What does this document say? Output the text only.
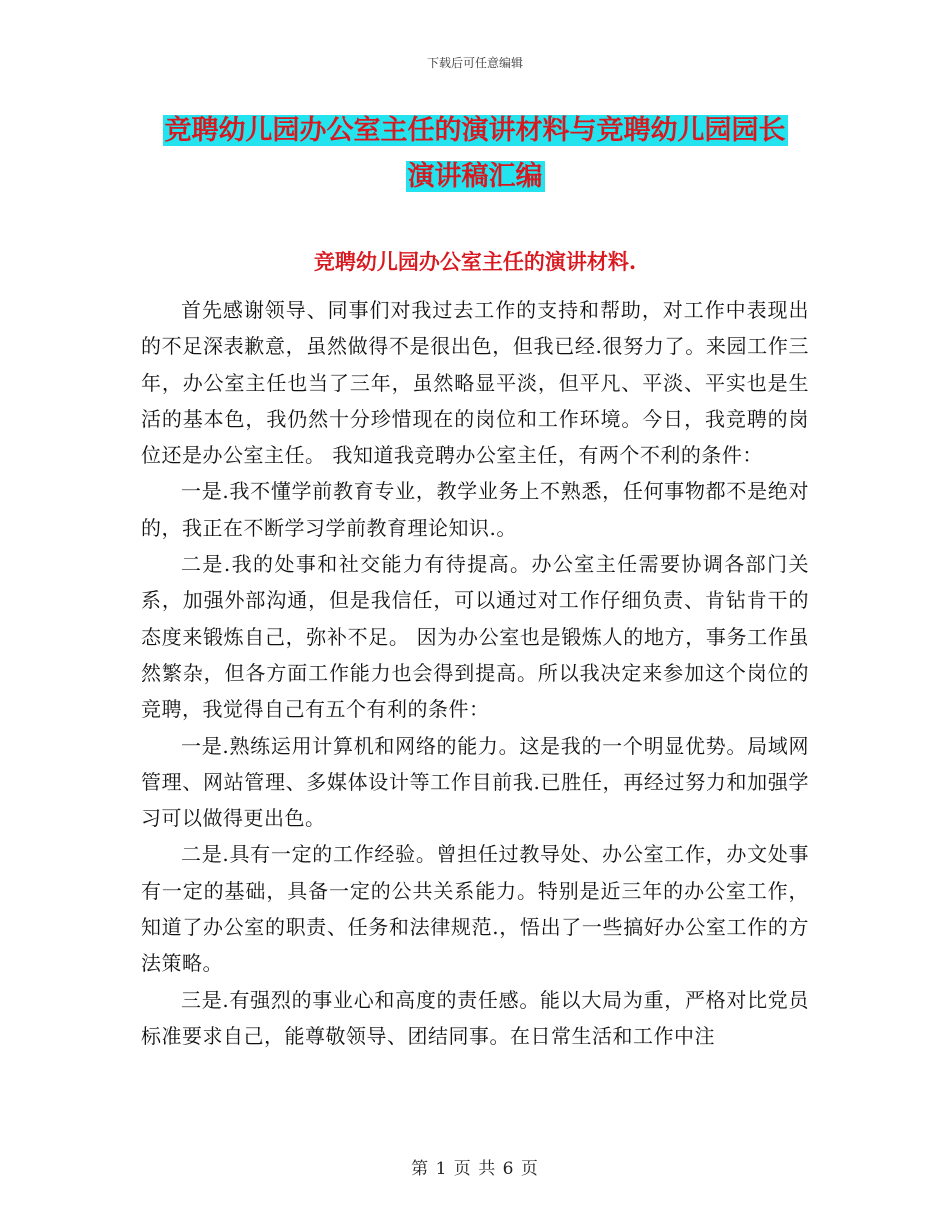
下载后可任意编辑
竞聘幼儿园办公室主任的演讲材料与竞聘幼儿园园长
演讲稿汇编
竞聘幼儿园办公室主任的演讲材料.

首先感谢领导、同事们对我过去工作的支持和帮助，对工作中表现出的不足深表歉意，虽然做得不是很出色，但我已经.很努力了。来园工作三年，办公室主任也当了三年，虽然略显平淡，但平凡、平淡、平实也是生活的基本色，我仍然十分珍惜现在的岗位和工作环境。今日，我竞聘的岗位还是办公室主任。 我知道我竞聘办公室主任，有两个不利的条件：

一是.我不懂学前教育专业，教学业务上不熟悉，任何事物都不是绝对的，我正在不断学习学前教育理论知识.。

二是.我的处事和社交能力有待提高。办公室主任需要协调各部门关系，加强外部沟通，但是我信任，可以通过对工作仔细负责、肯钻肯干的态度来锻炼自己，弥补不足。 因为办公室也是锻炼人的地方，事务工作虽然繁杂，但各方面工作能力也会得到提高。所以我决定来参加这个岗位的竞聘，我觉得自己有五个有利的条件：

一是.熟练运用计算机和网络的能力。这是我的一个明显优势。局域网管理、网站管理、多媒体设计等工作目前我.已胜任，再经过努力和加强学习可以做得更出色。

二是.具有一定的工作经验。曾担任过教导处、办公室工作，办文处事有一定的基础，具备一定的公共关系能力。特别是近三年的办公室工作，知道了办公室的职责、任务和法律规范.，悟出了一些搞好办公室工作的方法策略。

三是.有强烈的事业心和高度的责任感。能以大局为重，严格对比党员标准要求自己，能尊敬领导、团结同事。在日常生活和工作中注

第 1 页 共 6 页
